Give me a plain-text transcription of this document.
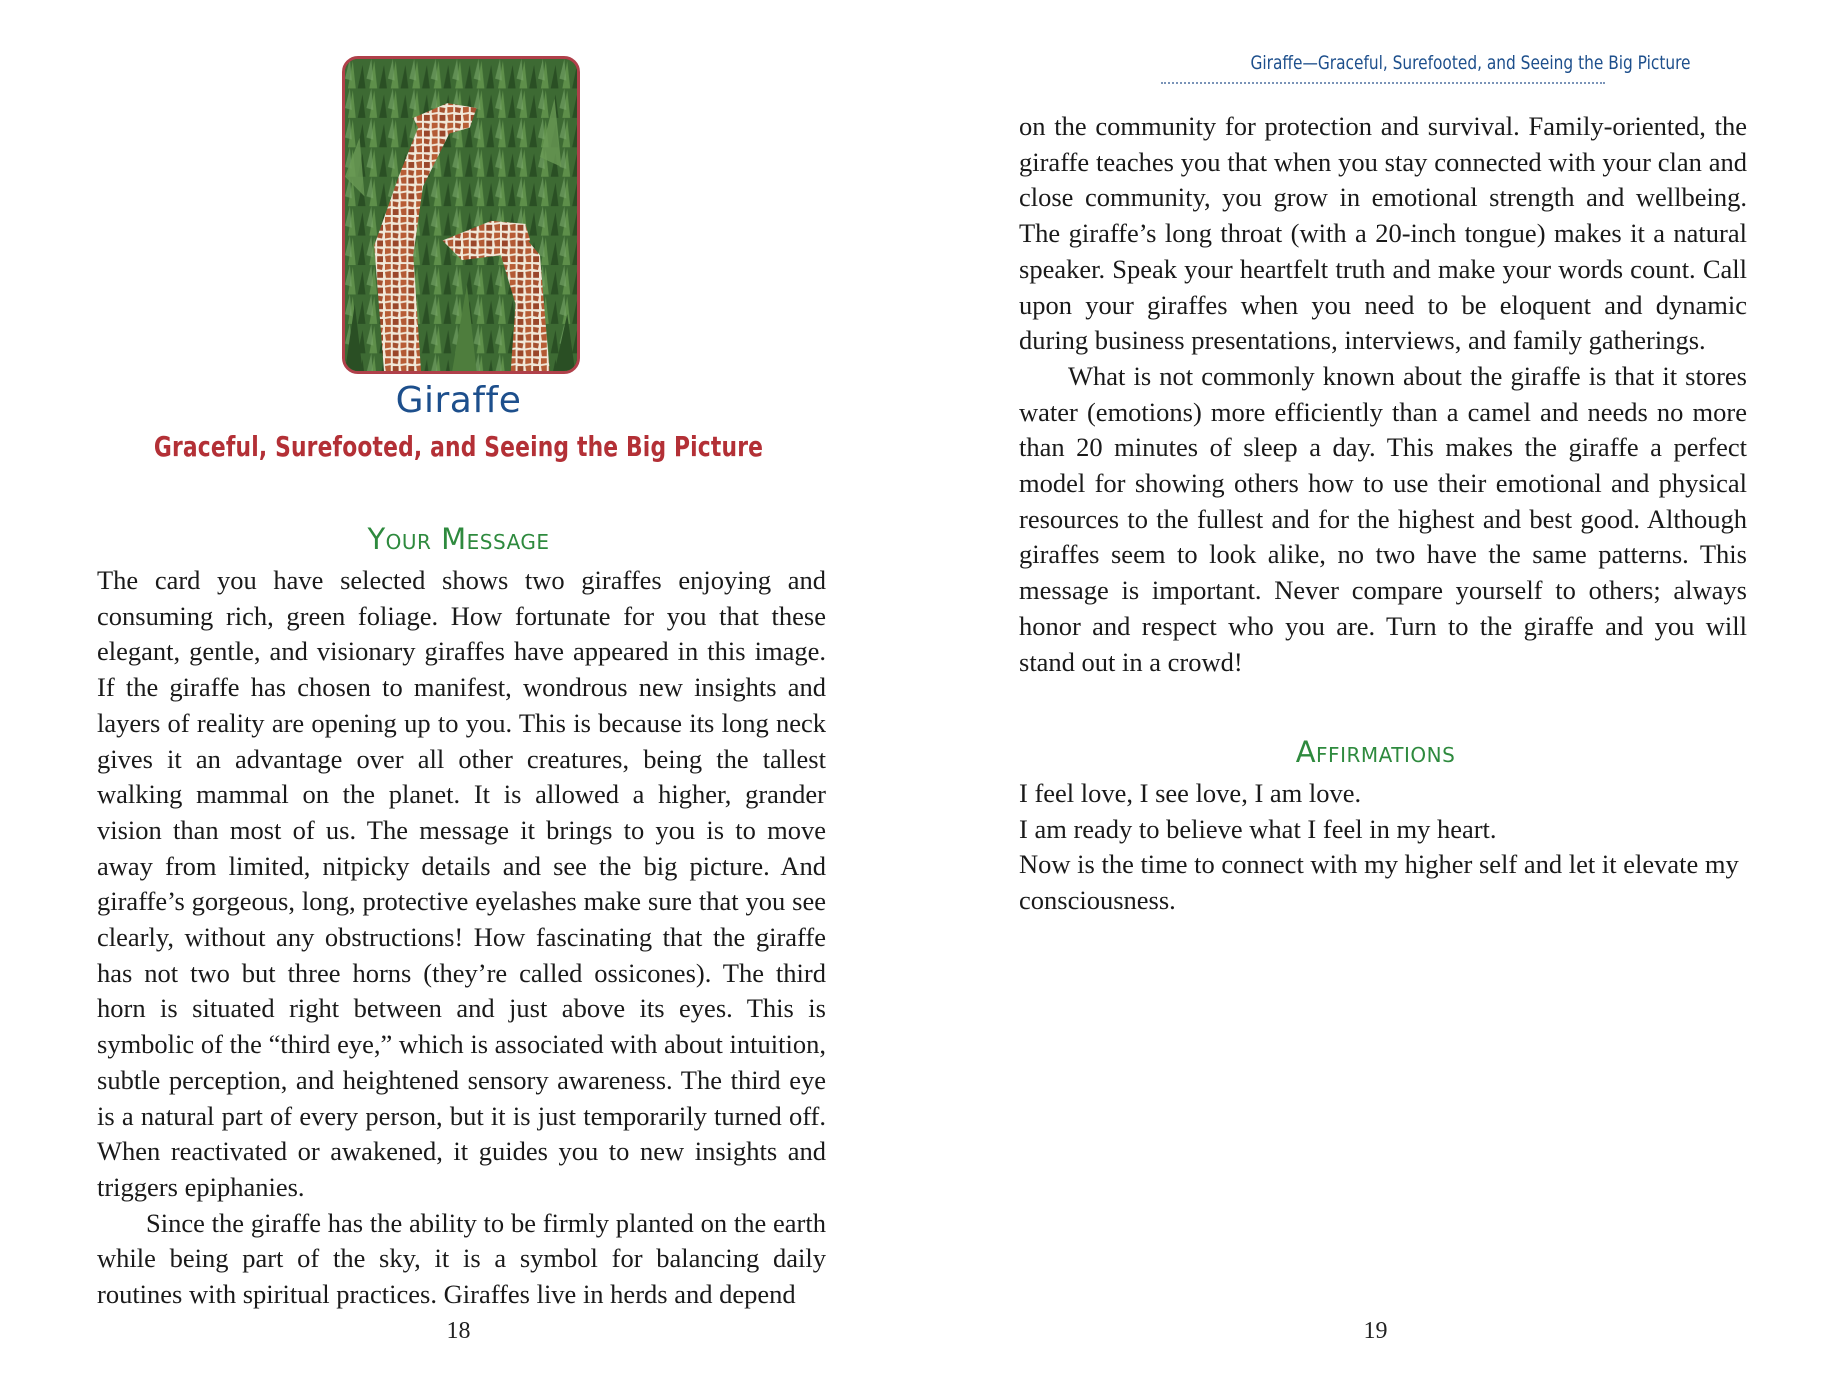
Giraffe
Graceful, Surefooted, and Seeing the Big Picture
Your Message

The card you have selected shows two giraffes enjoying and consuming rich, green foliage. How fortunate for you that these elegant, gentle, and visionary giraffes have appeared in this image. If the giraffe has chosen to manifest, wondrous new insights and layers of reality are opening up to you. This is because its long neck gives it an advantage over all other creatures, being the tallest walking mammal on the planet. It is allowed a higher, grander vision than most of us. The message it brings to you is to move away from limited, nitpicky details and see the big picture. And giraffe’s gorgeous, long, protective eyelashes make sure that you see clearly, without any obstructions! How fascinating that the giraffe has not two but three horns (they’re called ossicones). The third horn is situated right between and just above its eyes. This is symbolic of the “third eye,” which is associated with about intuition, subtle perception, and heightened sensory awareness. The third eye is a natural part of every person, but it is just temporarily turned off. When reactivated or awakened, it guides you to new insights and triggers epiphanies.

Since the giraffe has the ability to be firmly planted on the earth while being part of the sky, it is a symbol for balancing daily routines with spiritual practices. Giraffes live in herds and depend

18
Giraffe—Graceful, Surefooted, and Seeing the Big Picture

on the community for protection and survival. Family-oriented, the giraffe teaches you that when you stay connected with your clan and close community, you grow in emotional strength and wellbeing. The giraffe’s long throat (with a 20-inch tongue) makes it a natural speaker. Speak your heartfelt truth and make your words count. Call upon your giraffes when you need to be eloquent and dynamic during business presentations, interviews, and family gatherings.

What is not commonly known about the giraffe is that it stores water (emotions) more efficiently than a camel and needs no more than 20 minutes of sleep a day. This makes the giraffe a perfect model for showing others how to use their emotional and physical resources to the fullest and for the highest and best good. Although giraffes seem to look alike, no two have the same patterns. This message is important. Never compare yourself to others; always honor and respect who you are. Turn to the giraffe and you will stand out in a crowd!

Affirmations
I feel love, I see love, I am love.
I am ready to believe what I feel in my heart.
Now is the time to connect with my higher self and let it elevate my consciousness.
19
